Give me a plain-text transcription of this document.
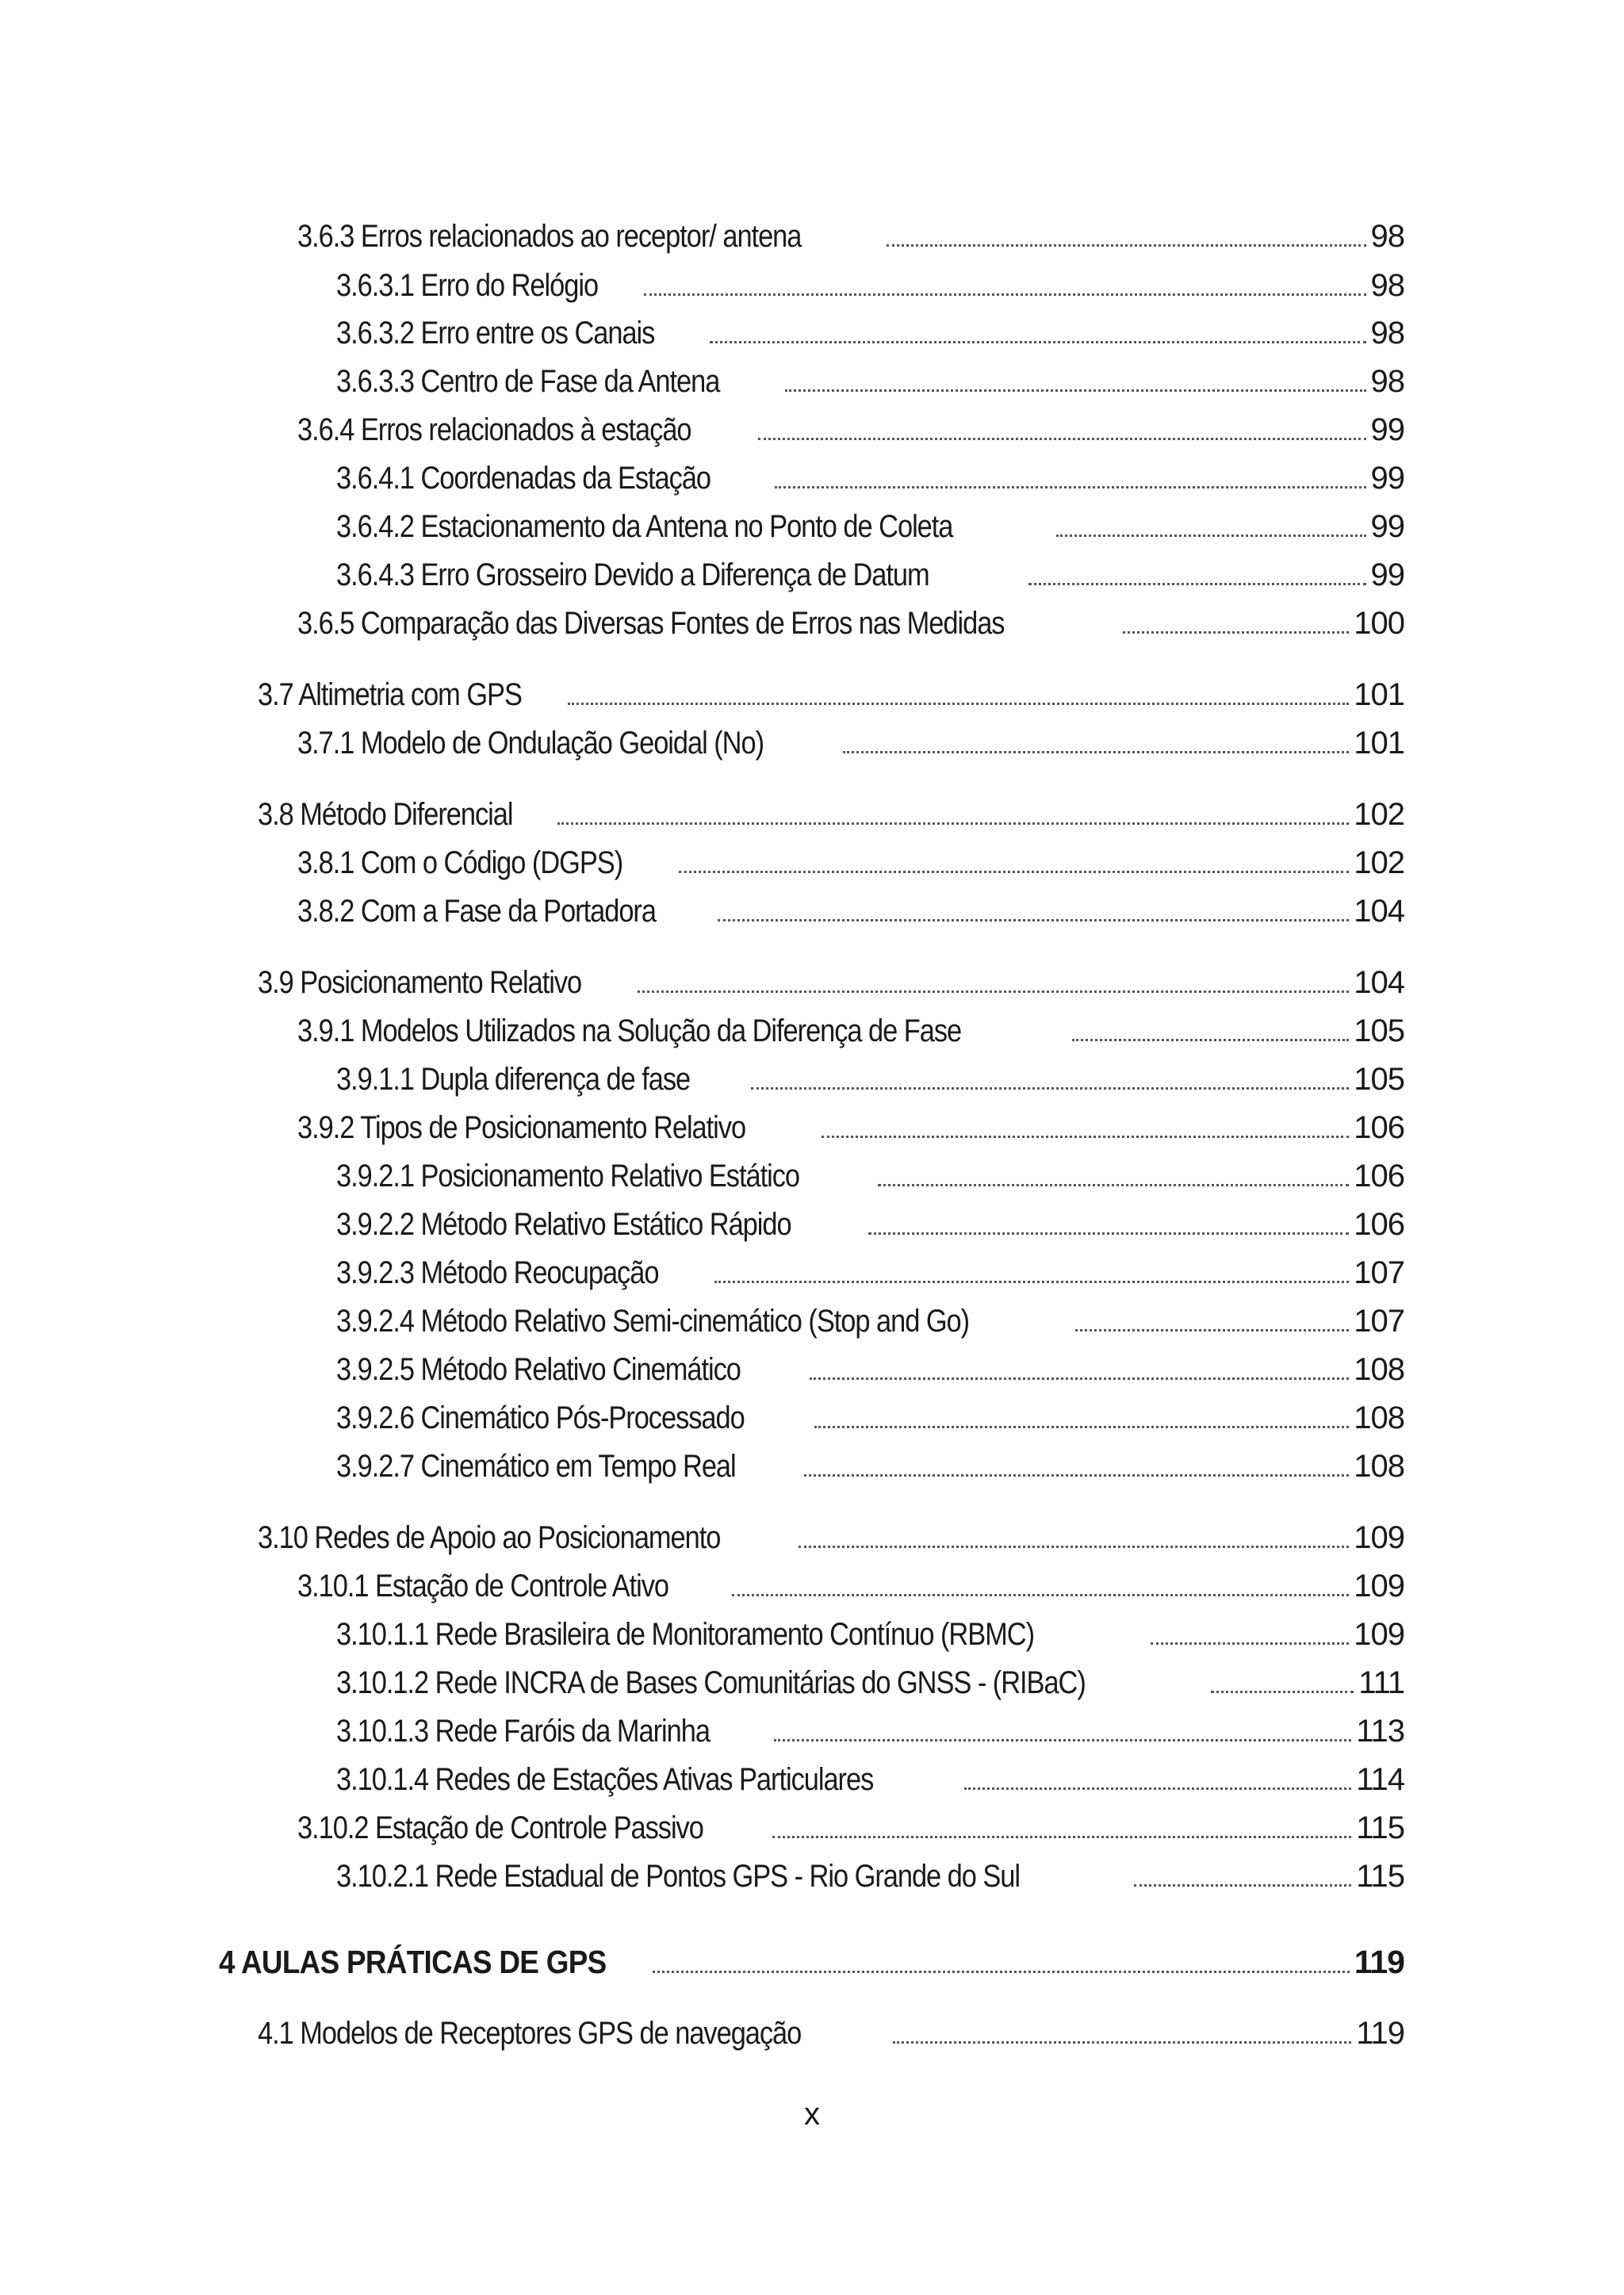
3.6.3 Erros relacionados ao receptor/ antena	98
3.6.3.1 Erro do Relógio	98
3.6.3.2 Erro entre os Canais	98
3.6.3.3 Centro de Fase da Antena	98
3.6.4 Erros relacionados à estação	99
3.6.4.1 Coordenadas da Estação	99
3.6.4.2 Estacionamento da Antena no Ponto de Coleta	99
3.6.4.3 Erro Grosseiro Devido a Diferença de Datum	99
3.6.5 Comparação das Diversas Fontes de Erros nas Medidas	100
3.7 Altimetria com GPS	101
3.7.1 Modelo de Ondulação Geoidal (No)	101
3.8 Método Diferencial	102
3.8.1 Com o Código (DGPS)	102
3.8.2 Com a Fase da Portadora	104
3.9 Posicionamento Relativo	104
3.9.1 Modelos Utilizados na Solução da Diferença de Fase	105
3.9.1.1 Dupla diferença de fase	105
3.9.2 Tipos de Posicionamento Relativo	106
3.9.2.1 Posicionamento Relativo Estático	106
3.9.2.2 Método Relativo Estático Rápido	106
3.9.2.3 Método Reocupação	107
3.9.2.4 Método Relativo Semi-cinemático (Stop and Go)	107
3.9.2.5 Método Relativo Cinemático	108
3.9.2.6 Cinemático Pós-Processado	108
3.9.2.7 Cinemático em Tempo Real	108
3.10 Redes de Apoio ao Posicionamento	109
3.10.1 Estação de Controle Ativo	109
3.10.1.1 Rede Brasileira de Monitoramento Contínuo (RBMC)	109
3.10.1.2 Rede INCRA de Bases Comunitárias do GNSS - (RIBaC)	111
3.10.1.3 Rede Faróis da Marinha	113
3.10.1.4 Redes de Estações Ativas Particulares	114
3.10.2 Estação de Controle Passivo	115
3.10.2.1 Rede Estadual de Pontos GPS - Rio Grande do Sul	115
4 AULAS PRÁTICAS DE GPS	119
4.1 Modelos de Receptores GPS de navegação	119
x
